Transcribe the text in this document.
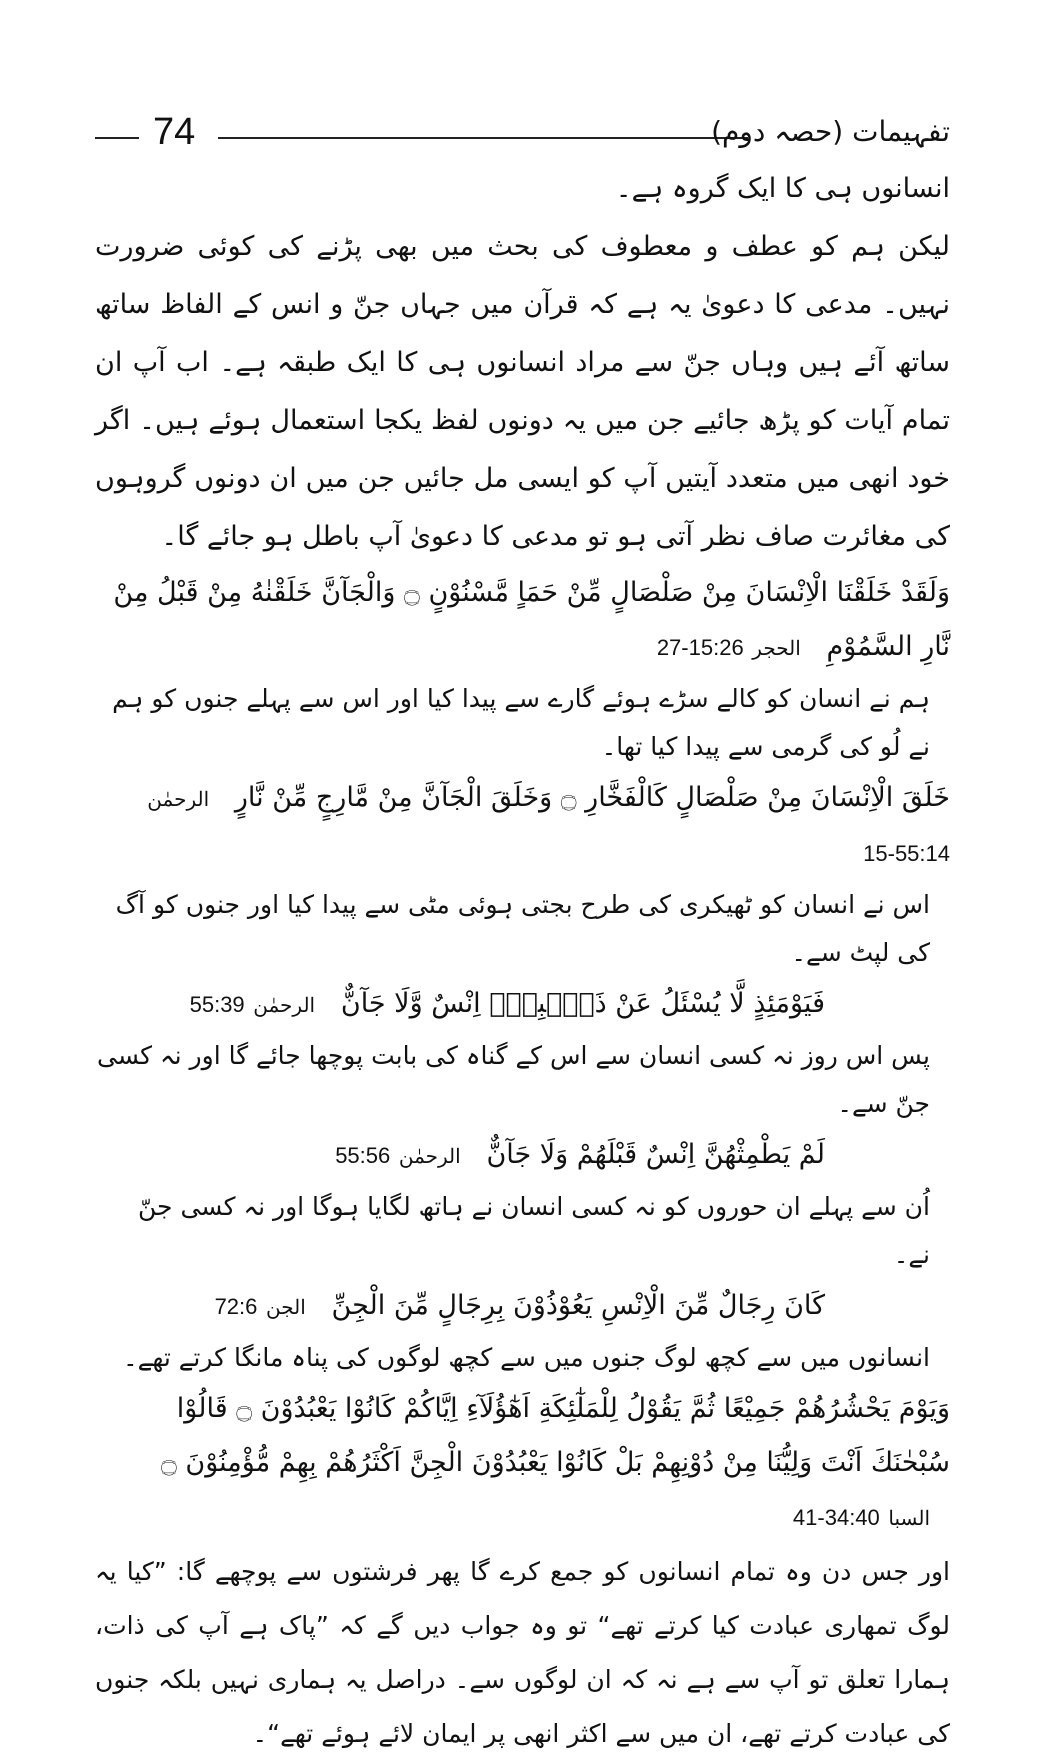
74	تفہیمات (حصہ دوم)

انسانوں ہی کا ایک گروہ ہے۔

لیکن ہم کو عطف و معطوف کی بحث میں بھی پڑنے کی کوئی ضرورت نہیں۔ مدعی کا دعویٰ یہ ہے کہ قرآن میں جہاں جنّ و انس کے الفاظ ساتھ ساتھ آئے ہیں وہاں جنّ سے مراد انسانوں ہی کا ایک طبقہ ہے۔ اب آپ ان تمام آیات کو پڑھ جائیے جن میں یہ دونوں لفظ یکجا استعمال ہوئے ہیں۔ اگر خود انھی میں متعدد آیتیں آپ کو ایسی مل جائیں جن میں ان دونوں گروہوں کی مغائرت صاف نظر آتی ہو تو مدعی کا دعویٰ آپ باطل ہو جائے گا۔

وَلَقَدْ خَلَقْنَا الْاِنْسَانَ مِنْ صَلْصَالٍ مِّنْ حَمَاٍ مَّسْنُوْنٍ ۝ وَالْجَآنَّ خَلَقْنٰهُ مِنْ قَبْلُ مِنْ نَّارِ السَّمُوْمِ   الحجر 15:26-27

ہم نے انسان کو کالے سڑے ہوئے گارے سے پیدا کیا اور اس سے پہلے جنوں کو ہم نے لُو کی گرمی سے پیدا کیا تھا۔

خَلَقَ الْاِنْسَانَ مِنْ صَلْصَالٍ كَالْفَخَّارِ ۝ وَخَلَقَ الْجَآنَّ مِنْ مَّارِجٍ مِّنْ نَّارٍ   الرحمٰن 55:14-15

اس نے انسان کو ٹھیکری کی طرح بجتی ہوئی مٹی سے پیدا کیا اور جنوں کو آگ کی لپٹ سے۔

فَيَوْمَئِذٍ لَّا يُسْئَلُ عَنْ ذَنْۢبِهٖٓ اِنْسٌ وَّلَا جَآنٌّ   الرحمٰن 55:39

پس اس روز نہ کسی انسان سے اس کے گناہ کی بابت پوچھا جائے گا اور نہ کسی جنّ سے۔

لَمْ يَطْمِثْهُنَّ اِنْسٌ قَبْلَهُمْ وَلَا جَآنٌّ   الرحمٰن 55:56

اُن سے پہلے ان حوروں کو نہ کسی انسان نے ہاتھ لگایا ہوگا اور نہ کسی جنّ نے۔

كَانَ رِجَالٌ مِّنَ الْاِنْسِ يَعُوْذُوْنَ بِرِجَالٍ مِّنَ الْجِنِّ   الجن 72:6

انسانوں میں سے کچھ لوگ جنوں میں سے کچھ لوگوں کی پناہ مانگا کرتے تھے۔

وَيَوْمَ يَحْشُرُهُمْ جَمِيْعًا ثُمَّ يَقُوْلُ لِلْمَلٰٓئِكَةِ اَهٰٓؤُلَآءِ اِيَّاكُمْ كَانُوْا يَعْبُدُوْنَ ۝ قَالُوْا سُبْحٰنَكَ اَنْتَ وَلِيُّنَا مِنْ دُوْنِهِمْ بَلْ كَانُوْا يَعْبُدُوْنَ الْجِنَّ اَكْثَرُهُمْ بِهِمْ مُّؤْمِنُوْنَ ۝

السبا 34:40-41

اور جس دن وہ تمام انسانوں کو جمع کرے گا پھر فرشتوں سے پوچھے گا: ”کیا یہ لوگ تمھاری عبادت کیا کرتے تھے“ تو وہ جواب دیں گے کہ ”پاک ہے آپ کی ذات، ہمارا تعلق تو آپ سے ہے نہ کہ ان لوگوں سے۔ دراصل یہ ہماری نہیں بلکہ جنوں کی عبادت کرتے تھے، ان میں سے اکثر انھی پر ایمان لائے ہوئے تھے“۔
